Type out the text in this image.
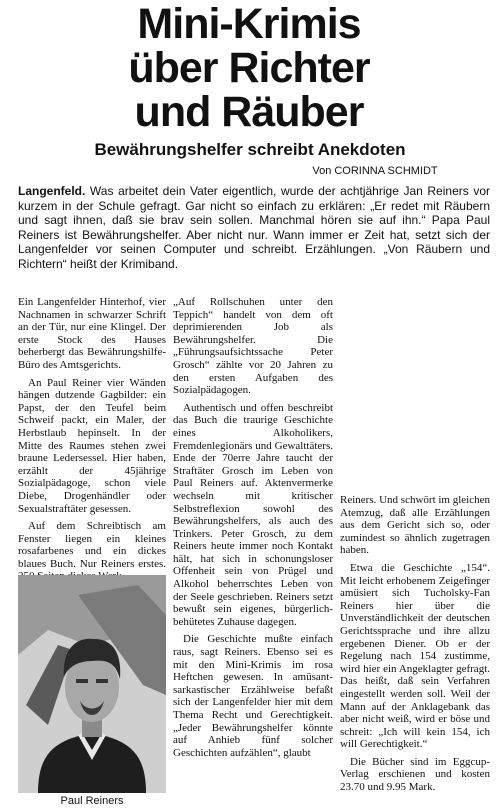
Mini-Krimis
über Richter
und Räuber
Bewährungshelfer schreibt Anekdoten
Von CORINNA SCHMIDT
Langenfeld. Was arbeitet dein Vater eigentlich, wurde der achtjährige Jan Reiners vor kurzem in der Schule gefragt. Gar nicht so einfach zu erklären: „Er redet mit Räubern und sagt ihnen, daß sie brav sein sollen. Manchmal hören sie auf ihn.“ Papa Paul Reiners ist Bewährungshelfer. Aber nicht nur. Wann immer er Zeit hat, setzt sich der Langenfelder vor seinen Computer und schreibt. Erzählungen. „Von Räubern und Richtern“ heißt der Krimiband.

Ein Langenfelder Hinterhof, vier Nachnamen in schwarzer Schrift an der Tür, nur eine Klingel. Der erste Stock des Hauses beherbergt das Bewährungshilfe-Büro des Amtsgerichts.

An Paul Reiner vier Wänden hängen dutzende Gagbilder: ein Papst, der den Teufel beim Schweif packt, ein Maler, der Herbstlaub hepinselt. In der Mitte des Raumes stehen zwei braune Ledersessel. Hier haben, erzählt der 45jährige Sozialpädagoge, schon viele Diebe, Drogenhändler oder Sexualstraftäter gesessen.

Auf dem Schreibtisch am Fenster liegen ein kleines rosafarbenes und ein dickes blaues Buch. Nur Reiners erstes.

Paul Reiners

„Auf Rollschuhen unter den Teppich“ handelt von dem oft deprimierenden Job als Bewährungshelfer. Die „Führungsaufsichtssache Peter Grosch“ zählte vor 20 Jahren zu den ersten Aufgaben des Sozialpädagogen.

Authentisch und offen beschreibt das Buch die traurige Geschichte eines Alkoholikers, Fremdenlegionärs und Gewalttäters. Ende der 70erre Jahre taucht der Straftäter Grosch im Leben von Paul Reiners auf. Aktenvermerke wechseln mit kritischer Selbstreflexion sowohl des Bewährungshelfers, als auch des Trinkers. Peter Grosch, zu dem Reiners heute immer noch Kontakt hält, hat sich in schonungsloser Offenheit sein von Prügel und Alkohol beherrschtes Leben von der Seele geschrieben. Reiners setzt bewußt sein eigenes, bürgerlich-behütetes Zuhause dagegen.

Die Geschichte mußte einfach raus, sagt Reiners. Ebenso sei es mit den Mini-Krimis im rosa Heftchen gewesen. In amüsant-sarkastischer Erzählweise befaßt sich der Langenfelder hier mit dem Thema Recht und Gerechtigkeit. „Jeder Bewährungshelfer könnte auf Anhieb fünf solcher Geschichten aufzählen“, glaubt

Reiners. Und schwört im gleichen Atemzug, daß alle Erzählungen aus dem Gericht sich so, oder zumindest so ähnlich zugetragen haben.

Etwa die Geschichte „154“. Mit leicht erhobenem Zeigefinger amüsiert sich Tucholsky-Fan Reiners hier über die Unverständlichkeit der deutschen Gerichtssprache und ihre allzu ergebenen Diener. Ob er der Regelung nach 154 zustimme, wird hier ein Angeklagter gefragt. Das heißt, daß sein Verfahren eingestellt werden soll. Weil der Mann auf der Anklagebank das aber nicht weiß, wird er böse und schreit: „Ich will kein 154, ich will Gerechtigkeit.“

Die Bücher sind im Eggcup-Verlag erschienen und kosten 23.70 und 9.95 Mark.
